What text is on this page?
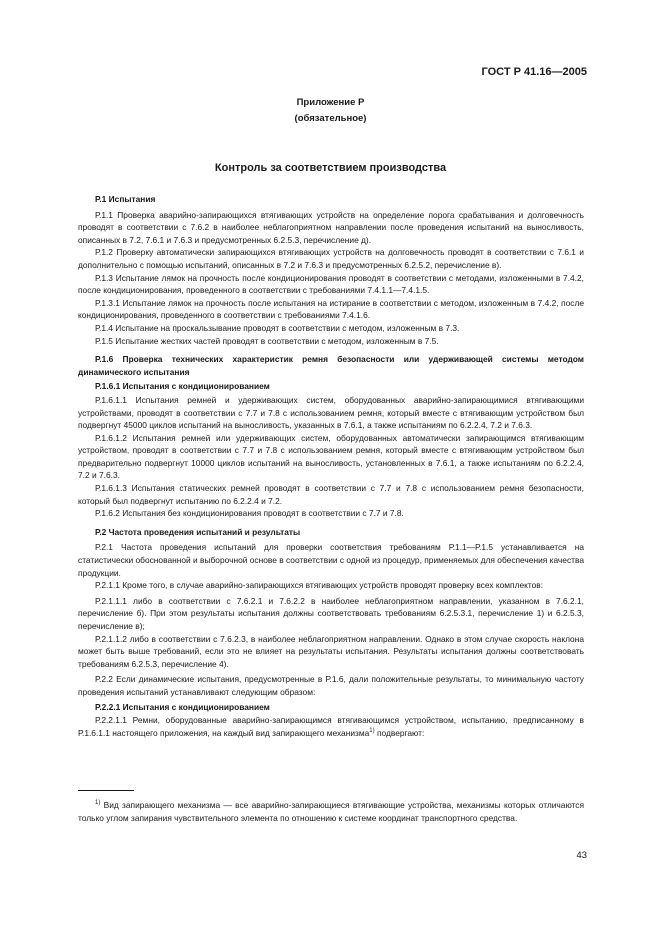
ГОСТ Р 41.16—2005
Приложение Р
(обязательное)
Контроль за соответствием производства

Р.1 Испытания

Р.1.1 Проверка аварийно-запирающихся втягивающих устройств на определение порога срабатывания и долговечность проводят в соответствии с 7.6.2 в наиболее неблагоприятном направлении после проведения испытаний на выносливость, описанных в 7.2, 7.6.1 и 7.6.3 и предусмотренных 6.2.5.3, перечисление д).

Р.1.2 Проверку автоматически запирающихся втягивающих устройств на долговечность проводят в соответствии с 7.6.1 и дополнительно с помощью испытаний, описанных в 7.2 и 7.6.3 и предусмотренных 6.2.5.2, перечисление в).

Р.1.3 Испытание лямок на прочность после кондиционирования проводят в соответствии с методами, изложенными в 7.4.2, после кондиционирования, проведенного в соответствии с требованиями 7.4.1.1—7.4.1.5.

Р.1.3.1 Испытание лямок на прочность после испытания на истирание в соответствии с методом, изложенным в 7.4.2, после кондиционирования, проведенного в соответствии с требованиями 7.4.1.6.

Р.1.4 Испытание на проскальзывание проводят в соответствии с методом, изложенным в 7.3.

Р.1.5 Испытание жестких частей проводят в соответствии с методом, изложенным в 7.5.

Р.1.6 Проверка технических характеристик ремня безопасности или удерживающей системы методом динамического испытания

Р.1.6.1 Испытания с кондиционированием

Р.1.6.1.1 Испытания ремней и удерживающих систем, оборудованных аварийно-запирающимися втягивающими устройствами, проводят в соответствии с 7.7 и 7.8 с использованием ремня, который вместе с втягивающим устройством был подвергнут 45000 циклов испытаний на выносливость, указанных в 7.6.1, а также испытаниям по 6.2.2.4, 7.2 и 7.6.3.

Р.1.6.1.2 Испытания ремней или удерживающих систем, оборудованных автоматически запирающимся втягивающим устройством, проводят в соответствии с 7.7 и 7.8 с использованием ремня, который вместе с втягивающим устройством был предварительно подвергнут 10000 циклов испытаний на выносливость, установленных в 7.6.1, а также испытаниям по 6.2.2.4, 7.2 и 7.6.3.

Р.1.6.1.3 Испытания статических ремней проводят в соответствии с 7.7 и 7.8 с использованием ремня безопасности, который был подвергнут испытанию по 6.2.2.4 и 7.2.

Р.1.6.2 Испытания без кондиционирования проводят в соответствии с 7.7 и 7.8.

Р.2 Частота проведения испытаний и результаты

Р.2.1 Частота проведения испытаний для проверки соответствия требованиям Р.1.1—Р.1.5 устанавливается на статистически обоснованной и выборочной основе в соответствии с одной из процедур, применяемых для обеспечения качества продукции.

Р.2.1.1 Кроме того, в случае аварийно-запирающихся втягивающих устройств проводят проверку всех комплектов:

Р.2.1.1.1 либо в соответствии с 7.6.2.1 и 7.6.2.2 в наиболее неблагоприятном направлении, указанном в 7.6.2.1, перечисление б). При этом результаты испытания должны соответствовать требованиям 6.2.5.3.1, перечисление 1) и 6.2.5.3, перечисление в);

Р.2.1.1.2 либо в соответствии с 7.6.2.3, в наиболее неблагоприятном направлении. Однако в этом случае скорость наклона может быть выше требований, если это не влияет на результаты испытания. Результаты испытания должны соответствовать требованиям 6.2.5.3, перечисление 4).

Р.2.2 Если динамические испытания, предусмотренные в Р.1.6, дали положительные результаты, то минимальную частоту проведения испытаний устанавливают следующим образом:

Р.2.2.1 Испытания с кондиционированием

Р.2.2.1.1 Ремни, оборудованные аварийно-запирающимся втягивающимся устройством, испытанию, предписанному в Р.1.6.1.1 настоящего приложения, на каждый вид запирающего механизма$^{1)}$ подвергают:

$^{1)}$ Вид запирающего механизма — все аварийно-запирающиеся втягивающие устройства, механизмы которых отличаются только углом запирания чувствительного элемента по отношению к системе координат транспортного средства.
43
